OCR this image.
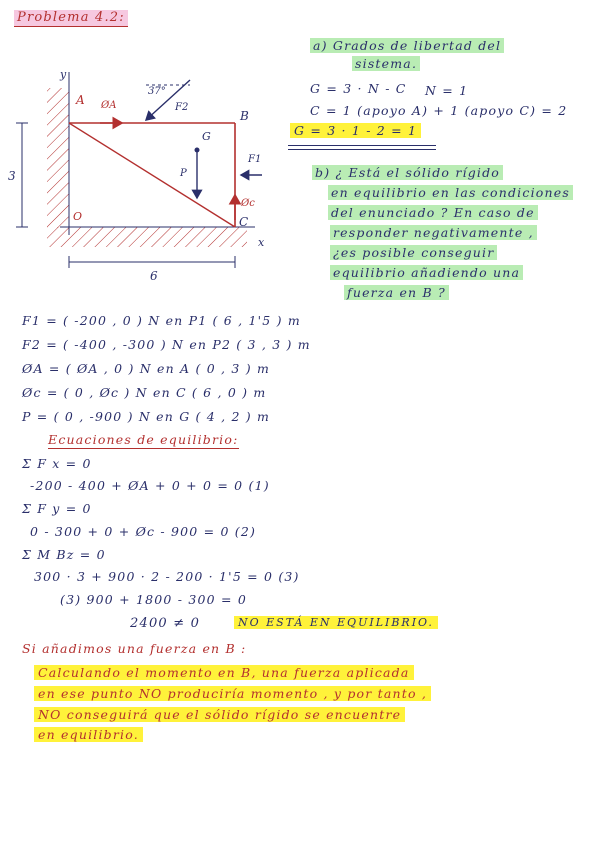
Problema 4.2:
y
x
A
B
C
G
O
ØA
Øc
F2
F1
P
37°
3
6
a) Grados de libertad del
sistema.
G = 3 · N - C N = 1
C = 1 (apoyo A) + 1 (apoyo C) = 2
G = 3 · 1 - 2 = 1
b) ¿ Está el sólido rígido
en equilibrio en las condiciones
del enunciado ? En caso de
responder negativamente ,
¿es posible conseguir
equilibrio añadiendo una
fuerza en B ?
F1 = ( -200 , 0 ) N en P1 ( 6 , 1'5 ) m
F2 = ( -400 , -300 ) N en P2 ( 3 , 3 ) m
ØA = ( ØA , 0 ) N en A ( 0 , 3 ) m
Øc = ( 0 , Øc ) N en C ( 6 , 0 ) m
P = ( 0 , -900 ) N en G ( 4 , 2 ) m
Ecuaciones de equilibrio:
Σ F x = 0
-200 - 400 + ØA + 0 + 0 = 0 (1)
Σ F y = 0
0 - 300 + 0 + Øc - 900 = 0 (2)
Σ M Bz = 0
300 · 3 + 900 · 2 - 200 · 1'5 = 0 (3)
(3) 900 + 1800 - 300 = 0
2400 ≠ 0	NO ESTÁ EN EQUILIBRIO.
Si añadimos una fuerza en B :
Calculando el momento en B, una fuerza aplicada
en ese punto NO produciría momento , y por tanto ,
NO conseguirá que el sólido rígido se encuentre
en equilibrio.
